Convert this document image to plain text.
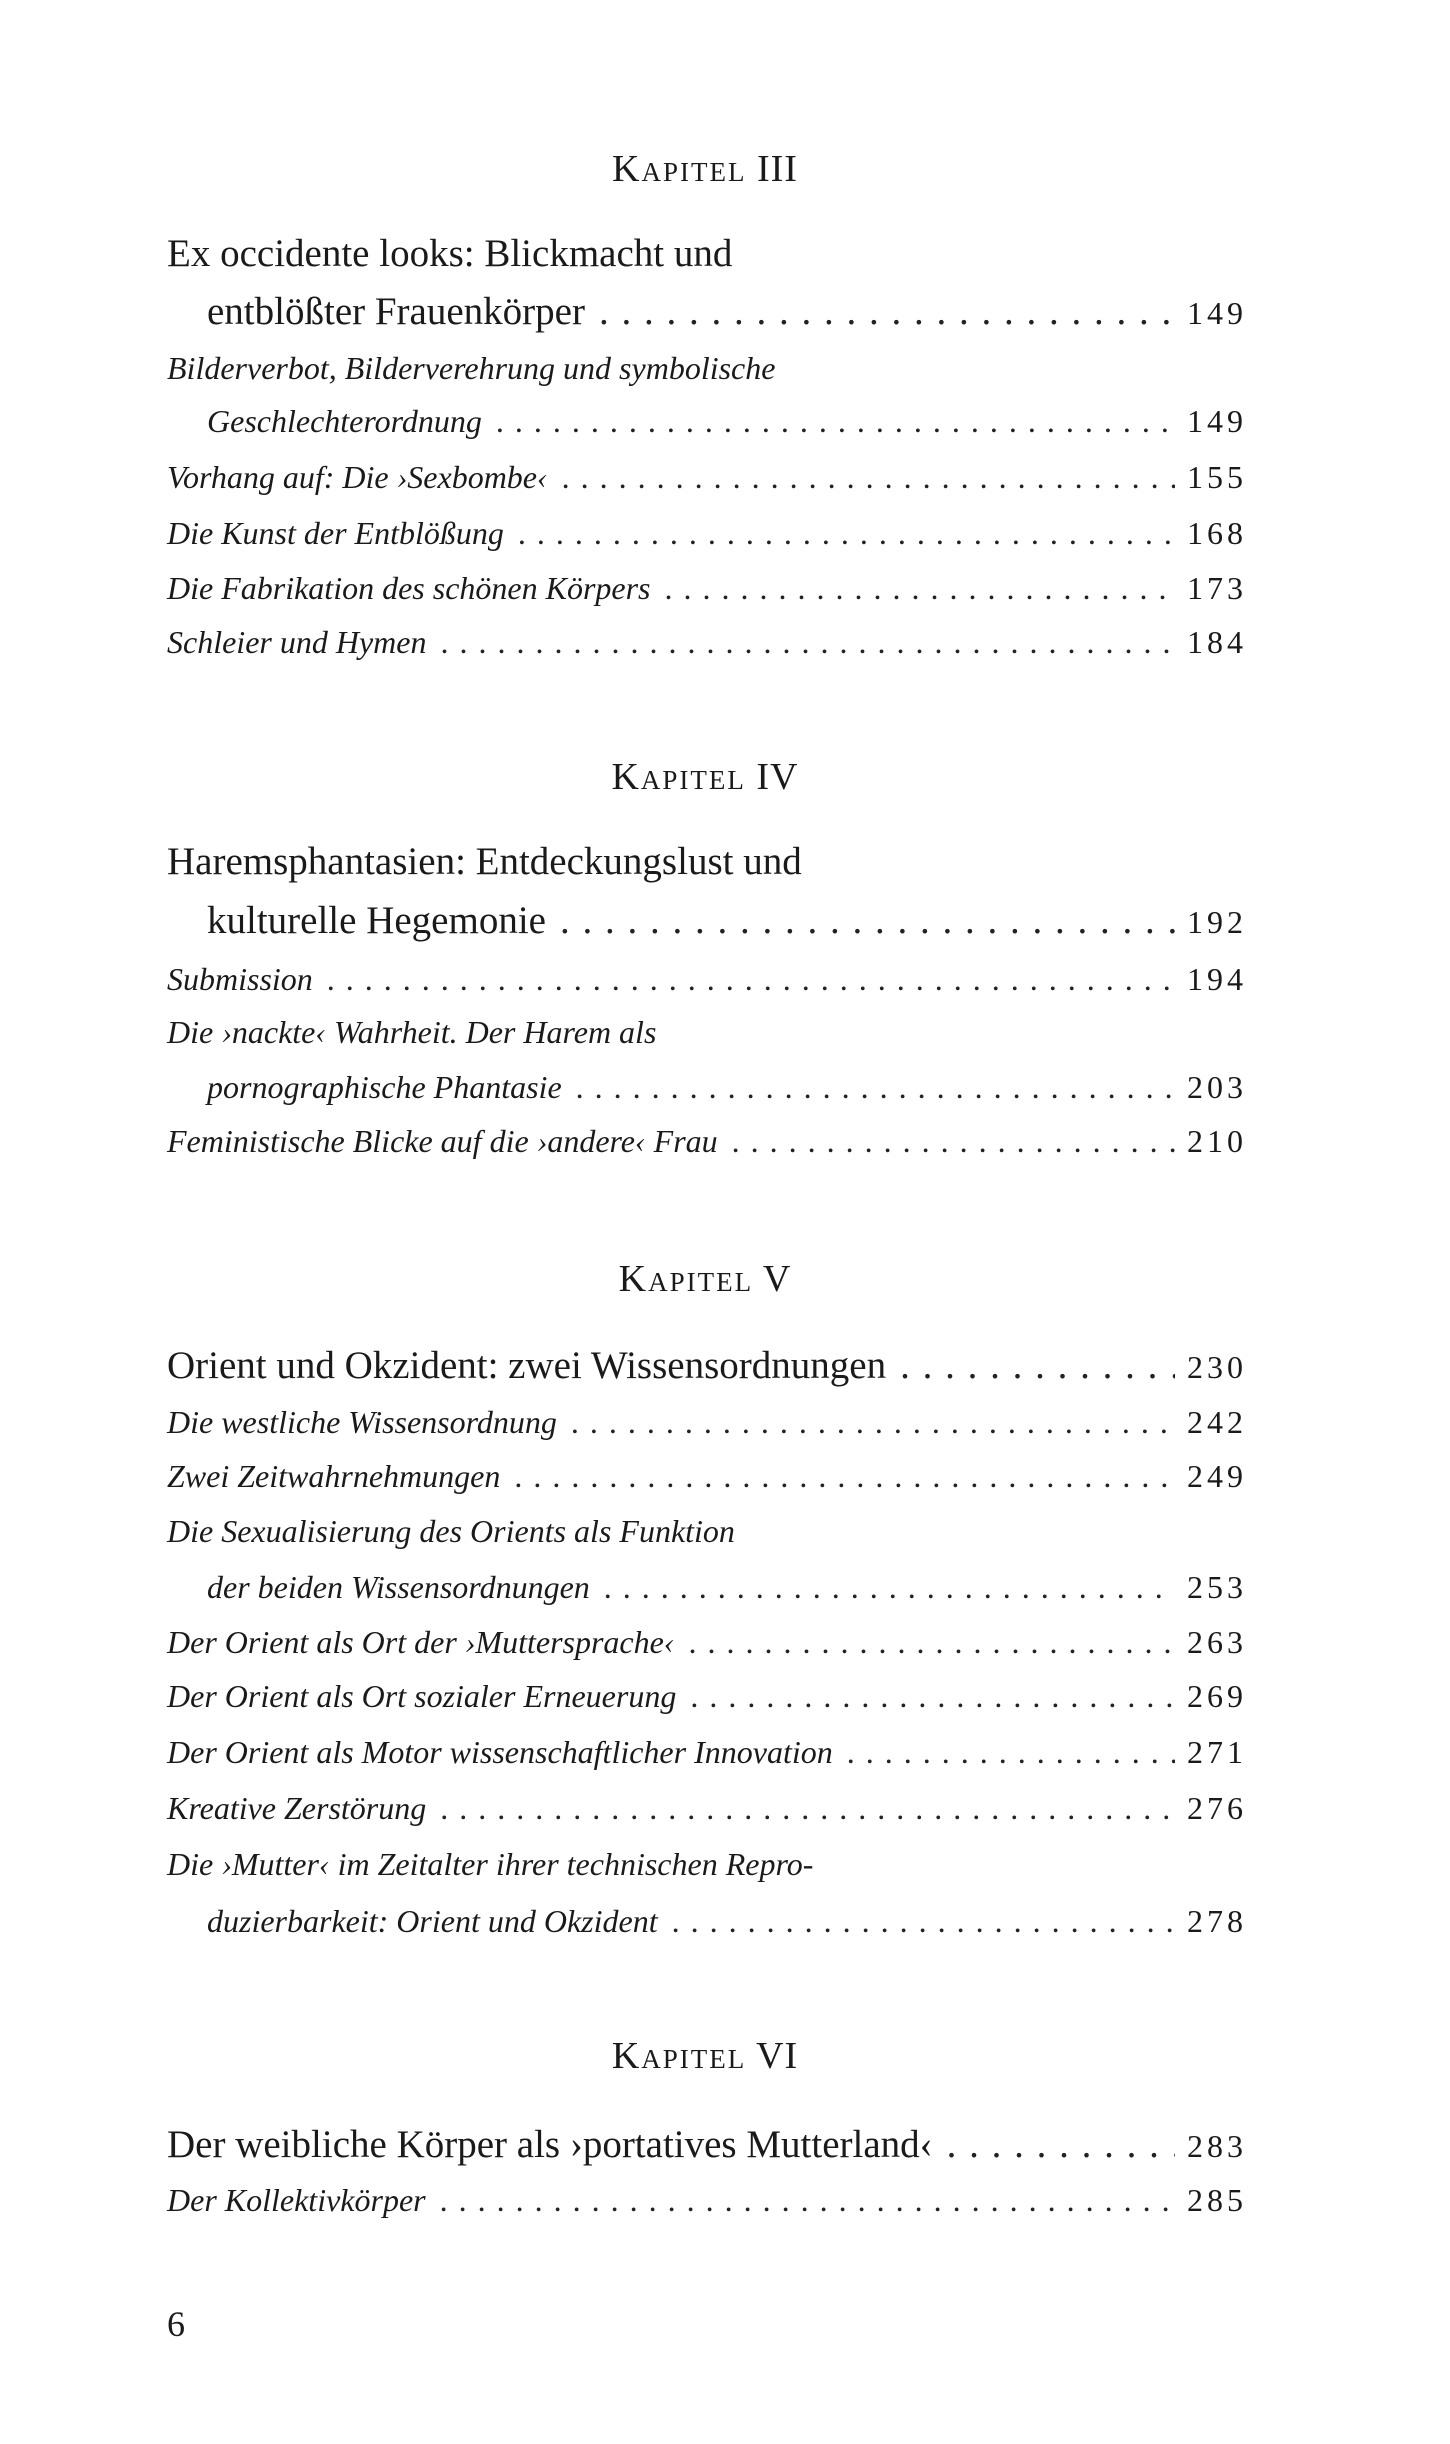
Kapitel III
Ex occidente looks: Blickmacht und
entblößter Frauenkörper . . .	149
Bilderverbot, Bilderverehrung und symbolische
Geschlechterordnung . . .	149
Vorhang auf: Die ›Sexbombe‹ . . .	155
Die Kunst der Entblößung . . .	168
Die Fabrikation des schönen Körpers . . .	173
Schleier und Hymen . . .	184
Kapitel IV
Haremsphantasien: Entdeckungslust und
kulturelle Hegemonie . . .	192
Submission . . .	194
Die ›nackte‹ Wahrheit. Der Harem als
pornographische Phantasie . . .	203
Feministische Blicke auf die ›andere‹ Frau . . .	210
Kapitel V
Orient und Okzident: zwei Wissensordnungen . . .	230
Die westliche Wissensordnung . . .	242
Zwei Zeitwahrnehmungen . . .	249
Die Sexualisierung des Orients als Funktion
der beiden Wissensordnungen . . .	253
Der Orient als Ort der ›Muttersprache‹ . . .	263
Der Orient als Ort sozialer Erneuerung . . .	269
Der Orient als Motor wissenschaftlicher Innovation . . .	271
Kreative Zerstörung . . .	276
Die ›Mutter‹ im Zeitalter ihrer technischen Repro-
duzierbarkeit: Orient und Okzident . . .	278
Kapitel VI
Der weibliche Körper als ›portatives Mutterland‹ . . .	283
Der Kollektivkörper . . .	285
6
